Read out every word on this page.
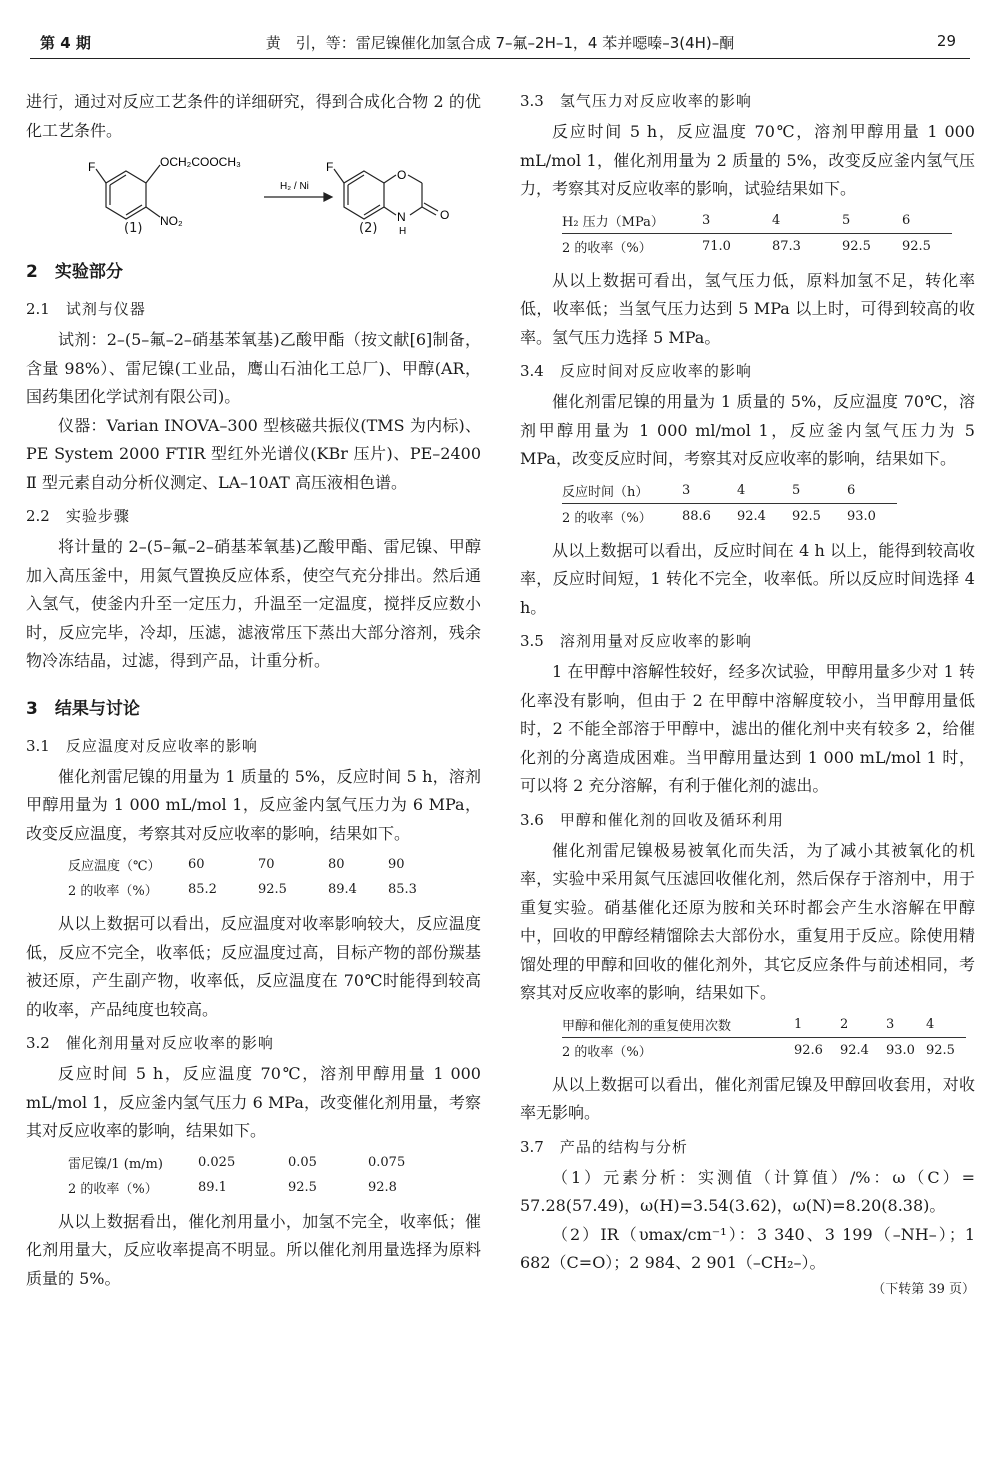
第 4 期	黄　引，等：雷尼镍催化加氢合成 7–氟–2H–1，4 苯并噁嗪–3(4H)–酮	29

进行，通过对反应工艺条件的详细研究，得到合成化合物 2 的优化工艺条件。

F	OCH₂COOCH₃
NO₂
H₂ / Ni
F
O
N
H
O
(1)	(2)
2　实验部分
2.1 试剂与仪器

试剂：2–(5–氟–2–硝基苯氧基)乙酸甲酯（按文献[6]制备，含量 98%）、雷尼镍(工业品，鹰山石油化工总厂)、甲醇(AR，国药集团化学试剂有限公司)。

仪器：Varian INOVA–300 型核磁共振仪(TMS 为内标)、PE System 2000 FTIR 型红外光谱仪(KBr 压片)、PE–2400 Ⅱ 型元素自动分析仪测定、LA–10AT 高压液相色谱。

2.2 实验步骤

将计量的 2–(5–氟–2–硝基苯氧基)乙酸甲酯、雷尼镍、甲醇加入高压釜中，用氮气置换反应体系，使空气充分排出。然后通入氢气，使釜内升至一定压力，升温至一定温度，搅拌反应数小时，反应完毕，冷却，压滤，滤液常压下蒸出大部分溶剂，残余物冷冻结晶，过滤，得到产品，计重分析。

3　结果与讨论
3.1 反应温度对反应收率的影响

催化剂雷尼镍的用量为 1 质量的 5%，反应时间 5 h，溶剂甲醇用量为 1 000 mL/mol 1，反应釜内氢气压力为 6 MPa，改变反应温度，考察其对反应收率的影响，结果如下。

反应温度（℃）	60	70	80	90
2 的收率（%）	85.2	92.5	89.4	85.3

从以上数据可以看出，反应温度对收率影响较大，反应温度低，反应不完全，收率低；反应温度过高，目标产物的部份羰基被还原，产生副产物，收率低，反应温度在 70℃时能得到较高的收率，产品纯度也较高。

3.2 催化剂用量对反应收率的影响

反应时间 5 h，反应温度 70℃，溶剂甲醇用量 1 000 mL/mol 1，反应釜内氢气压力 6 MPa，改变催化剂用量，考察其对反应收率的影响，结果如下。

雷尼镍/1 (m/m)	0.025	0.05	0.075
2 的收率（%）	89.1	92.5	92.8

从以上数据看出，催化剂用量小，加氢不完全，收率低；催化剂用量大，反应收率提高不明显。所以催化剂用量选择为原料质量的 5%。

3.3 氢气压力对反应收率的影响

反应时间 5 h，反应温度 70℃，溶剂甲醇用量 1 000 mL/mol 1，催化剂用量为 2 质量的 5%，改变反应釜内氢气压力，考察其对反应收率的影响，试验结果如下。

H₂ 压力（MPa）	3	4	5	6
2 的收率（%）	71.0	87.3	92.5	92.5

从以上数据可看出，氢气压力低，原料加氢不足，转化率低，收率低；当氢气压力达到 5 MPa 以上时，可得到较高的收率。氢气压力选择 5 MPa。

3.4 反应时间对反应收率的影响

催化剂雷尼镍的用量为 1 质量的 5%，反应温度 70℃，溶剂甲醇用量为 1 000 ml/mol 1，反应釜内氢气压力为 5 MPa，改变反应时间，考察其对反应收率的影响，结果如下。

反应时间（h）	3	4	5	6
2 的收率（%）	88.6	92.4	92.5	93.0

从以上数据可以看出，反应时间在 4 h 以上，能得到较高收率，反应时间短，1 转化不完全，收率低。所以反应时间选择 4 h。

3.5 溶剂用量对反应收率的影响

1 在甲醇中溶解性较好，经多次试验，甲醇用量多少对 1 转化率没有影响，但由于 2 在甲醇中溶解度较小，当甲醇用量低时，2 不能全部溶于甲醇中，滤出的催化剂中夹有较多 2，给催化剂的分离造成困难。当甲醇用量达到 1 000 mL/mol 1 时，可以将 2 充分溶解，有利于催化剂的滤出。

3.6 甲醇和催化剂的回收及循环利用

催化剂雷尼镍极易被氧化而失活，为了减小其被氧化的机率，实验中采用氮气压滤回收催化剂，然后保存于溶剂中，用于重复实验。硝基催化还原为胺和关环时都会产生水溶解在甲醇中，回收的甲醇经精馏除去大部份水，重复用于反应。除使用精馏处理的甲醇和回收的催化剂外，其它反应条件与前述相同，考察其对反应收率的影响，结果如下。

甲醇和催化剂的重复使用次数	1	2	3	4
2 的收率（%）	92.6	92.4	93.0	92.5

从以上数据可以看出，催化剂雷尼镍及甲醇回收套用，对收率无影响。

3.7 产品的结构与分析

（1）元素分析：实测值（计算值）/%：ω（C）= 57.28(57.49)，ω(H)=3.54(3.62)，ω(N)=8.20(8.38)。

（2）IR（υmax/cm⁻¹）：3 340、3 199（–NH–）；1 682（C=O）；2 984、2 901（–CH₂–）。

（下转第 39 页）
